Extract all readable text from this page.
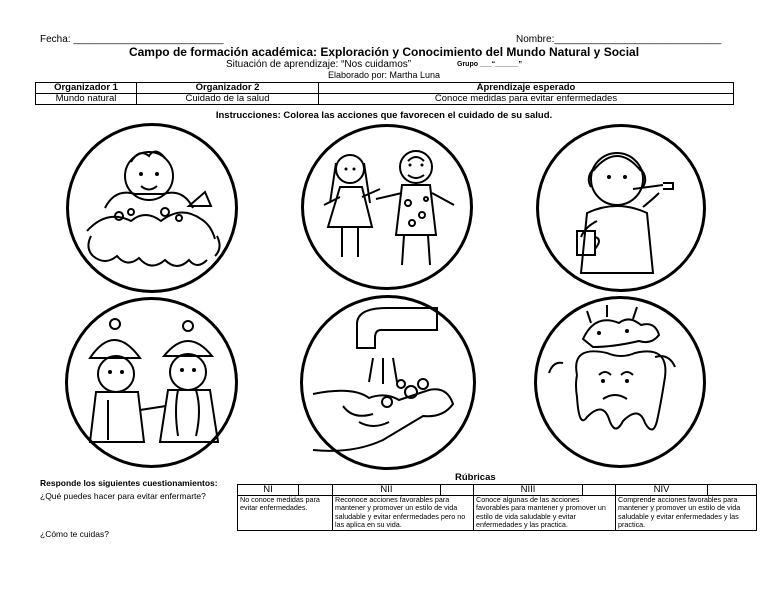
Fecha: ___________________________	Nombre:______________________________
Campo de formación académica: Exploración y Conocimiento del Mundo Natural y Social
Situación de aprendizaje: “Nos cuidamos”	Grupo ___“______”
Elaborado por: Martha Luna
Organizador 1	Organizador 2	Aprendizaje esperado
Mundo natural	Cuidado de la salud	Conoce medidas para evitar enfermedades
Instrucciones: Colorea las acciones que favorecen el cuidado de su salud.
Responde los siguientes cuestionamientos:
¿Qué puedes hacer para evitar enfermarte?
¿Cómo te cuidas?
Rúbricas
NI		NII		NIII		NIV	
No conoce medidas para evitar enfermedades.		Reconoce acciones favorables para mantener y promover un estilo de vida saludable y evitar enfermedades pero no las aplica en su vida.		Conoce algunas de las acciones favorables para mantener y promover un estilo de vida saludable y evitar enfermedades y las practica.		Comprende acciones favorables para mantener y promover un estilo de vida saludable y evitar enfermedades y las practica.	
